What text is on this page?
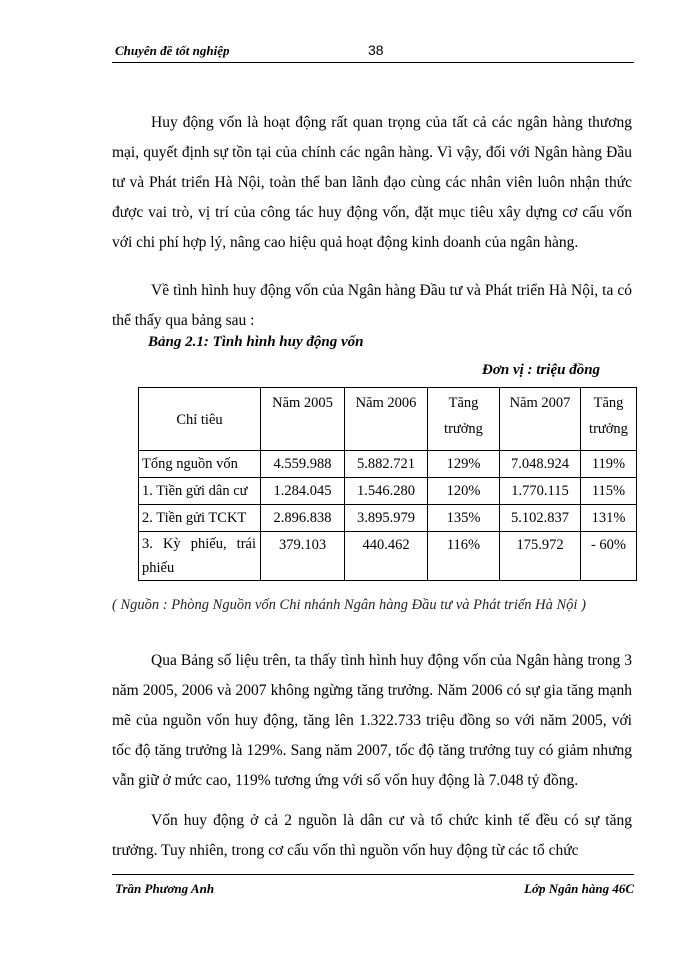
Chuyên đề tốt nghiệp	38

Huy động vốn là hoạt động rất quan trọng của tất cả các ngân hàng thương mại, quyết định sự tồn tại của chính các ngân hàng. Vì vậy, đối với Ngân hàng Đầu tư và Phát triển Hà Nội, toàn thể ban lãnh đạo cùng các nhân viên luôn nhận thức được vai trò, vị trí của công tác huy động vốn, đặt mục tiêu xây dựng cơ cấu vốn với chi phí hợp lý, nâng cao hiệu quả hoạt động kinh doanh của ngân hàng.

Về tình hình huy động vốn của Ngân hàng Đầu tư và Phát triển Hà Nội, ta có thể thấy qua bảng sau :

Bảng 2.1: Tình hình huy động vốn
Đơn vị : triệu đồng
Chỉ tiêu	Năm 2005	Năm 2006	Tăng trưởng	Năm 2007	Tăng trưởng
Tổng nguồn vốn	4.559.988	5.882.721	129%	7.048.924	119%
1. Tiền gửi dân cư	1.284.045	1.546.280	120%	1.770.115	115%
2. Tiền gửi TCKT	2.896.838	3.895.979	135%	5.102.837	131%
3. Kỳ phiếu, trái phiếu	379.103	440.462	116%	175.972	- 60%
( Nguồn : Phòng Nguồn vốn Chi nhánh Ngân hàng Đầu tư và Phát triển Hà Nội )

Qua Bảng số liệu trên, ta thấy tình hình huy động vốn của Ngân hàng trong 3 năm 2005, 2006 và 2007 không ngừng tăng trưởng. Năm 2006 có sự gia tăng mạnh mẽ của nguồn vốn huy động, tăng lên 1.322.733 triệu đồng so với năm 2005, với tốc độ tăng trưởng là 129%. Sang năm 2007, tốc độ tăng trưởng tuy có giảm nhưng vẫn giữ ở mức cao, 119% tương ứng với số vốn huy động là 7.048 tỷ đồng.

Vốn huy động ở cả 2 nguồn là dân cư và tổ chức kinh tế đều có sự tăng trưởng. Tuy nhiên, trong cơ cấu vốn thì nguồn vốn huy động từ các tổ chức

Trần Phương Anh	Lớp Ngân hàng 46C
